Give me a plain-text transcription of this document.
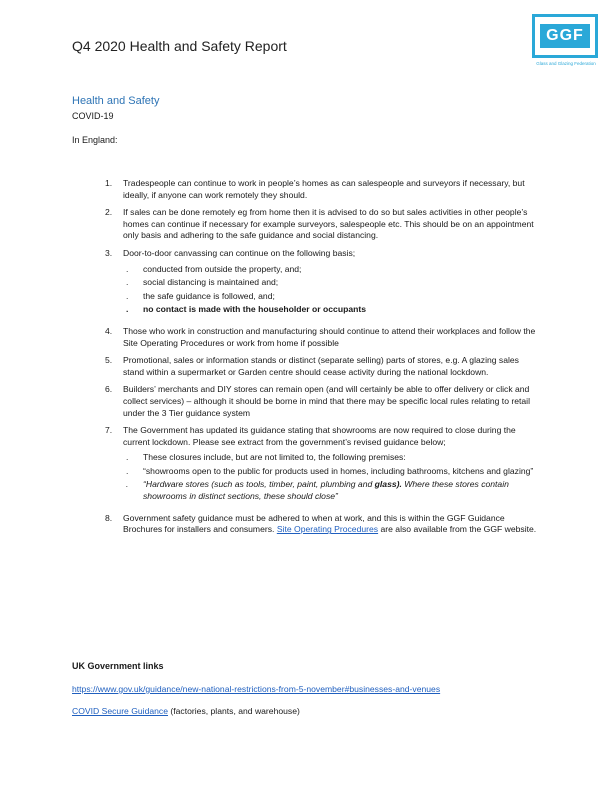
Q4 2020 Health and Safety Report
GGF
Glass and Glazing Federation
Health and Safety
COVID-19
In England:
1. Tradespeople can continue to work in people’s homes as can salespeople and surveyors if necessary, but ideally, if anyone can work remotely they should.
2. If sales can be done remotely eg from home then it is advised to do so but sales activities in other people’s homes can continue if necessary for example surveyors, salespeople etc. This should be on an appointment only basis and adhering to the safe guidance and social distancing.
3. Door-to-door canvassing can continue on the following basis;
. conducted from outside the property, and;
. social distancing is maintained and;
. the safe guidance is followed, and;
. no contact is made with the householder or occupants
4. Those who work in construction and manufacturing should continue to attend their workplaces and follow the Site Operating Procedures or work from home if possible
5. Promotional, sales or information stands or distinct (separate selling) parts of stores, e.g. A glazing sales stand within a supermarket or Garden centre should cease activity during the national lockdown.
6. Builders’ merchants and DIY stores can remain open (and will certainly be able to offer delivery or click and collect services) – although it should be borne in mind that there may be specific local rules relating to retail under the 3 Tier guidance system
7. The Government has updated its guidance stating that showrooms are now required to close during the current lockdown. Please see extract from the government’s revised guidance below;
. These closures include, but are not limited to, the following premises:
. “showrooms open to the public for products used in homes, including bathrooms, kitchens and glazing”
. “Hardware stores (such as tools, timber, paint, plumbing and glass). Where these stores contain showrooms in distinct sections, these should close”
8. Government safety guidance must be adhered to when at work, and this is within the GGF Guidance Brochures for installers and consumers. Site Operating Procedures are also available from the GGF website.
UK Government links
https://www.gov.uk/guidance/new-national-restrictions-from-5-november#businesses-and-venues
COVID Secure Guidance (factories, plants, and warehouse)
